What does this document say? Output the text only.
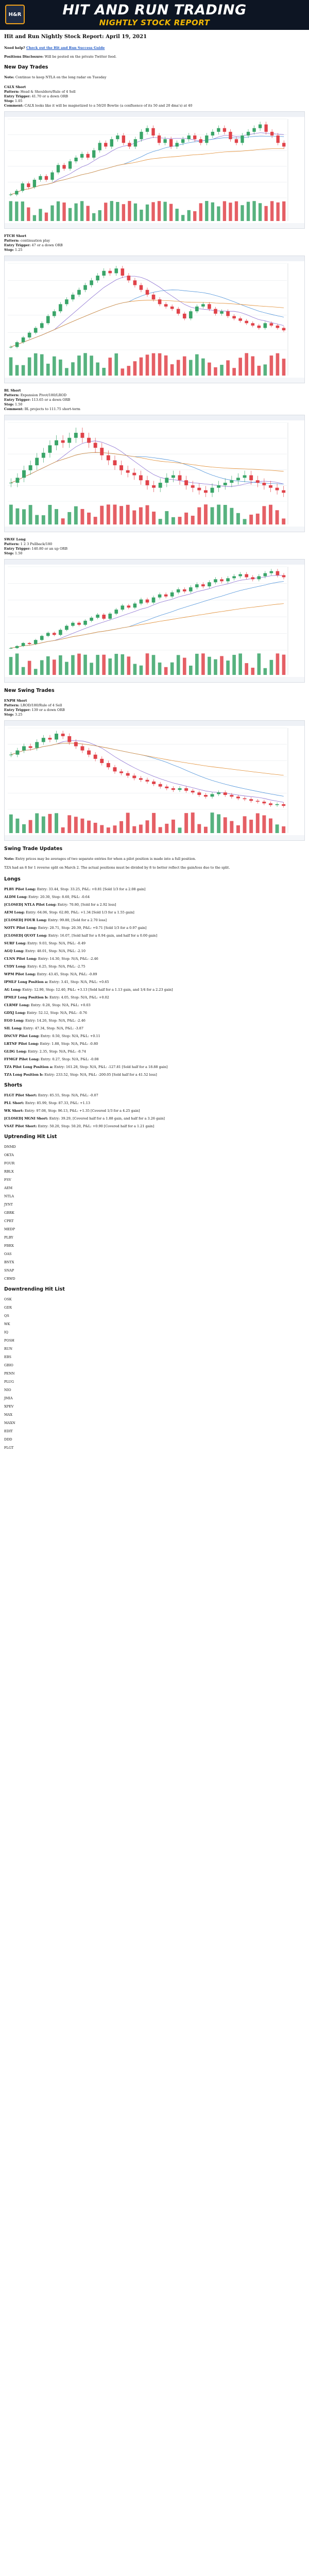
H&R	HIT AND RUN TRADING
NIGHTLY STOCK REPORT
Hit and Run Nightly Stock Report: April 19, 2021

Need help? Check out the Hit and Run Success Guide

Positions Disclosure: Will be posted on the private Twitter feed.

New Day Trades

Note: Continue to keep NTLA on the long radar on Tuesday

CALX Short
Pattern: Head & Shoulders/Rule of 4 Sell
Entry Trigger: 41.70 or a down ORB
Stop: 1.05
Comment: CALX looks like it will be magnetized to a 50/20 Bowtie (a confluence of its 50 and 20 dma's) at 40
FTCH Short
Pattern: continuation play
Entry Trigger: 47 or a down ORB
Stop: 1.25
BL Short
Pattern: Expansion Pivot/180/LROD
Entry Trigger: 113.65 or a down ORB
Stop: 1.50
Comment: BL projects to 111.75 short-term
SWAV Long
Pattern: 1 2 3 Pullback/180
Entry Trigger: 140.80 or an up ORB
Stop: 1.50
New Swing Trades
ENPH Short
Pattern: LROD/180/Rule of 4 Sell
Entry Trigger: 139 or a down ORB
Stop: 3.25
Swing Trade Updates

Note: Entry prices may be averages of two separate entries for when a pilot position is made into a full position.

TZA had an 8 for 1 reverse split on March 2. The actual positions must be divided by 8 to better reflect the gain/loss due to the split.

Longs
PLBY Pilot Long: Entry: 33.44, Stop: 33.25, P&L: +0.81 [Sold 1/3 for a 2.08 gain]
ALDM Long: Entry: 20.30, Stop: 8.60, P&L: -0.64
[CLOSED] NTLA Pilot Long: Entry: 70.80, [Sold for a 2.92 loss]
AEM Long: Entry: 64.06, Stop: 62.80, P&L: +1.34 [Sold 1/3 for a 1.55 gain]
[CLOSED] FOUR Long: Entry: 99.80, [Sold for a 2.70 loss]
NOTV Pilot Long: Entry: 20.71, Stop: 20.39, P&L: +0.71 [Sold 1/3 for a 0.97 gain]
[CLOSED] QUOT Long: Entry: 16.07, [Sold half for a 0.94 gain, and half for a 0.00 gain]
SURF Long: Entry: 9.03, Stop: N/A, P&L: -0.49
AGQ Long: Entry: 48.01, Stop: N/A, P&L: -2.10
CLNN Pilot Long: Entry: 14.30, Stop: N/A, P&L: -2.46
CYDY Long: Entry: 6.25, Stop: N/A, P&L: -2.75
WPM Pilot Long: Entry: 43.45, Stop: N/A, P&L: -0.89
IPMLF Long Position a: Entry: 3.41, Stop: N/A, P&L: +0.65
AG Long: Entry: 12.90, Stop: 12.40, P&L: +3.13 [Sold half for a 1.13 gain, and 1/4 for a 2.23 gain]
IPMLF Long Position b: Entry: 4.05, Stop: N/A, P&L: +0.02
CLRMF Long: Entry: 0.28, Stop: N/A, P&L: +0.03
GDXJ Long: Entry: 52.12, Stop: N/A, P&L: -0.76
EGO Long: Entry: 14.26, Stop: N/A, P&L: -2.46
SIL Long: Entry: 47.34, Stop: N/A, P&L: -3.87
DNCVF Pilot Long: Entry: 0.50, Stop: N/A, P&L: +0.11
LRTNF Pilot Long: Entry: 1.88, Stop: N/A, P&L: -0.80
GLDG Long: Entry: 2.35, Stop: N/A, P&L: -0.74
FFMGF Pilot Long: Entry: 0.27, Stop: N/A, P&L: -0.08
TZA Pilot Long Position a: Entry: 161.28, Stop: N/A, P&L: -127.81 [Sold half for a 18.88 gain]
TZA Long Position b: Entry: 233.52, Stop: N/A, P&L: -200.05 [Sold half for a 41.52 loss]
Shorts
FLGT Pilot Short: Entry: 85.55, Stop: N/A, P&L: -0.07
PLL Short: Entry: 85.99, Stop: 87.33, P&L: +1.13
WK Short: Entry: 97.08, Stop: 96.13, P&L: +1.35 [Covered 1/3 for a 4.25 gain]
[CLOSED] MGNI Short: Entry: 39.29, [Covered half for a 1.88 gain, and half for a 3.26 gain]
VSAT Pilot Short: Entry: 50.20, Stop: 50.20, P&L: +0.90 [Covered half for a 1.21 gain]
Uptrending Hit List
DNMD
OKTA
FOUR
RBLX
FSV
AEM
NTLA
JYNT
GBRK
CPRT
MEDP
PLBY
FBRX
OAS
BNTX
SNAP
CRWD
Downtrending Hit List
OSK
GDX
QS
WK
IQ
POSH
RUN
EBS
GBIO
PENN
PLUG
NIO
JMIA
XPEV
MAX
MAXN
EDIT
DDD
FLGT
